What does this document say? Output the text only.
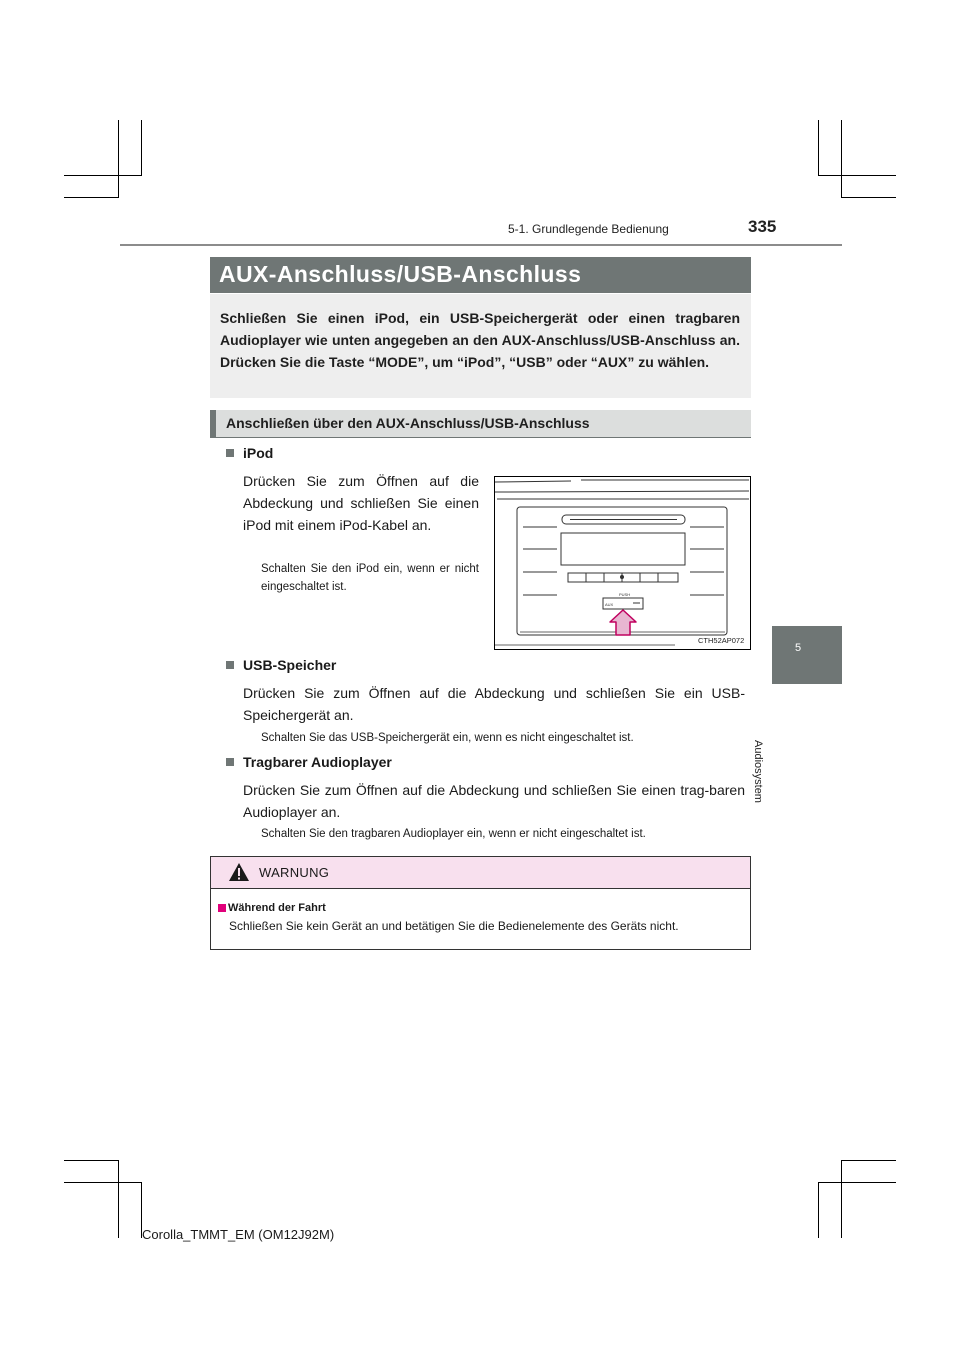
5-1. Grundlegende Bedienung	335
5
Audiosystem
AUX-Anschluss/USB-Anschluss
Schließen Sie einen iPod, ein USB-Speichergerät oder einen tragbaren Audioplayer wie unten angegeben an den AUX-Anschluss/USB-Anschluss an. Drücken Sie die Taste “MODE”, um “iPod”, “USB” oder “AUX” zu wählen.
Anschließen über den AUX-Anschluss/USB-Anschluss
iPod
Drücken Sie zum Öffnen auf die Abdeckung und schließen Sie einen iPod mit einem iPod-Kabel an.
Schalten Sie den iPod ein, wenn er nicht eingeschaltet ist.
PUSH
AUX
CTH52AP072
USB-Speicher
Drücken Sie zum Öffnen auf die Abdeckung und schließen Sie ein USB-Speichergerät an.
Schalten Sie das USB-Speichergerät ein, wenn es nicht eingeschaltet ist.
Tragbarer Audioplayer
Drücken Sie zum Öffnen auf die Abdeckung und schließen Sie einen trag-baren Audioplayer an.
Schalten Sie den tragbaren Audioplayer ein, wenn er nicht eingeschaltet ist.
WARNUNG
Während der Fahrt
Schließen Sie kein Gerät an und betätigen Sie die Bedienelemente des Geräts nicht.
Corolla_TMMT_EM (OM12J92M)
